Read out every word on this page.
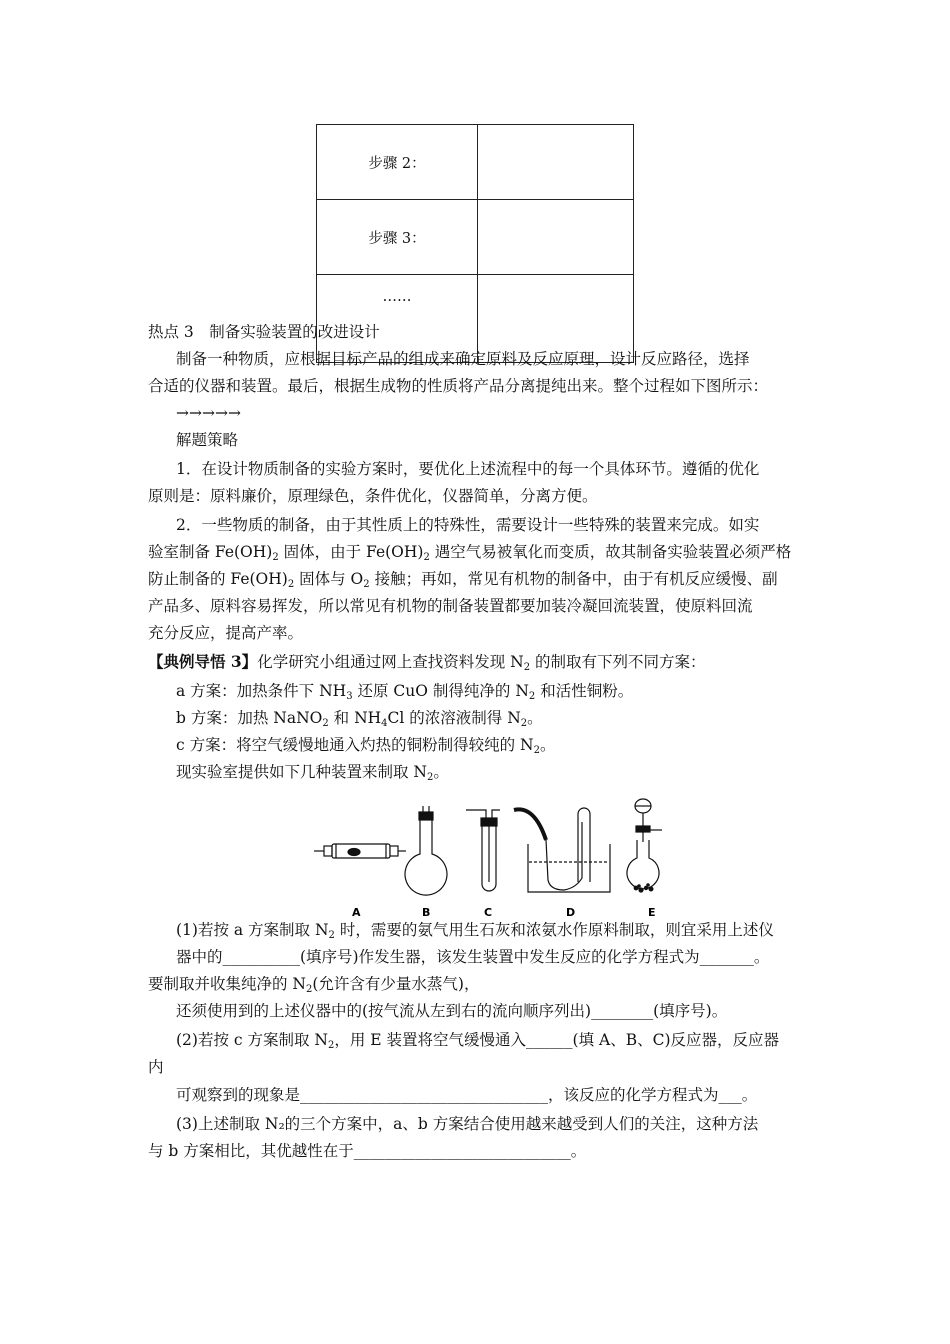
步骤 2：	
步骤 3：	
……	
热点 3　制备实验装置的改进设计
制备一种物质，应根据目标产品的组成来确定原料及反应原理，设计反应路径，选择
合适的仪器和装置。最后，根据生成物的性质将产品分离提纯出来。整个过程如下图所示：
→→→→→
解题策略
1．在设计物质制备的实验方案时，要优化上述流程中的每一个具体环节。遵循的优化
原则是：原料廉价，原理绿色，条件优化，仪器简单，分离方便。
2．一些物质的制备，由于其性质上的特殊性，需要设计一些特殊的装置来完成。如实
验室制备 $Fe(OH)_2$ 固体，由于 $Fe(OH)_2$ 遇空气易被氧化而变质，故其制备实验装置必须严格
防止制备的 $Fe(OH)_2$ 固体与 $O_2$ 接触；再如，常见有机物的制备中，由于有机反应缓慢、副
产品多、原料容易挥发，所以常见有机物的制备装置都要加装冷凝回流装置，使原料回流
充分反应，提高产率。
【典例导悟 3】化学研究小组通过网上查找资料发现 $N_2$ 的制取有下列不同方案：
a 方案：加热条件下 $NH_3$ 还原 CuO 制得纯净的 $N_2$ 和活性铜粉。
b 方案：加热 NaNO$_2$ 和 $NH_4Cl$ 的浓溶液制得 $N_2$。
c 方案：将空气缓慢地通入灼热的铜粉制得较纯的 $N_2$。
现实验室提供如下几种装置来制取 $N_2$。
A	B	C	D	E
(1)若按 a 方案制取 $N_2$ 时，需要的氨气用生石灰和浓氨水作原料制取，则宜采用上述仪
器中的__________(填序号)作发生器，该发生装置中发生反应的化学方程式为_______。
要制取并收集纯净的 $N_2$(允许含有少量水蒸气)，
还须使用到的上述仪器中的(按气流从左到右的流向顺序列出)________(填序号)。
(2)若按 c 方案制取 $N_2$，用 E 装置将空气缓慢通入______(填 A、B、C)反应器，反应器
内
可观察到的现象是________________________________，该反应的化学方程式为___。
(3)上述制取 N₂的三个方案中，a、b 方案结合使用越来越受到人们的关注，这种方法
与 b 方案相比，其优越性在于____________________________。
